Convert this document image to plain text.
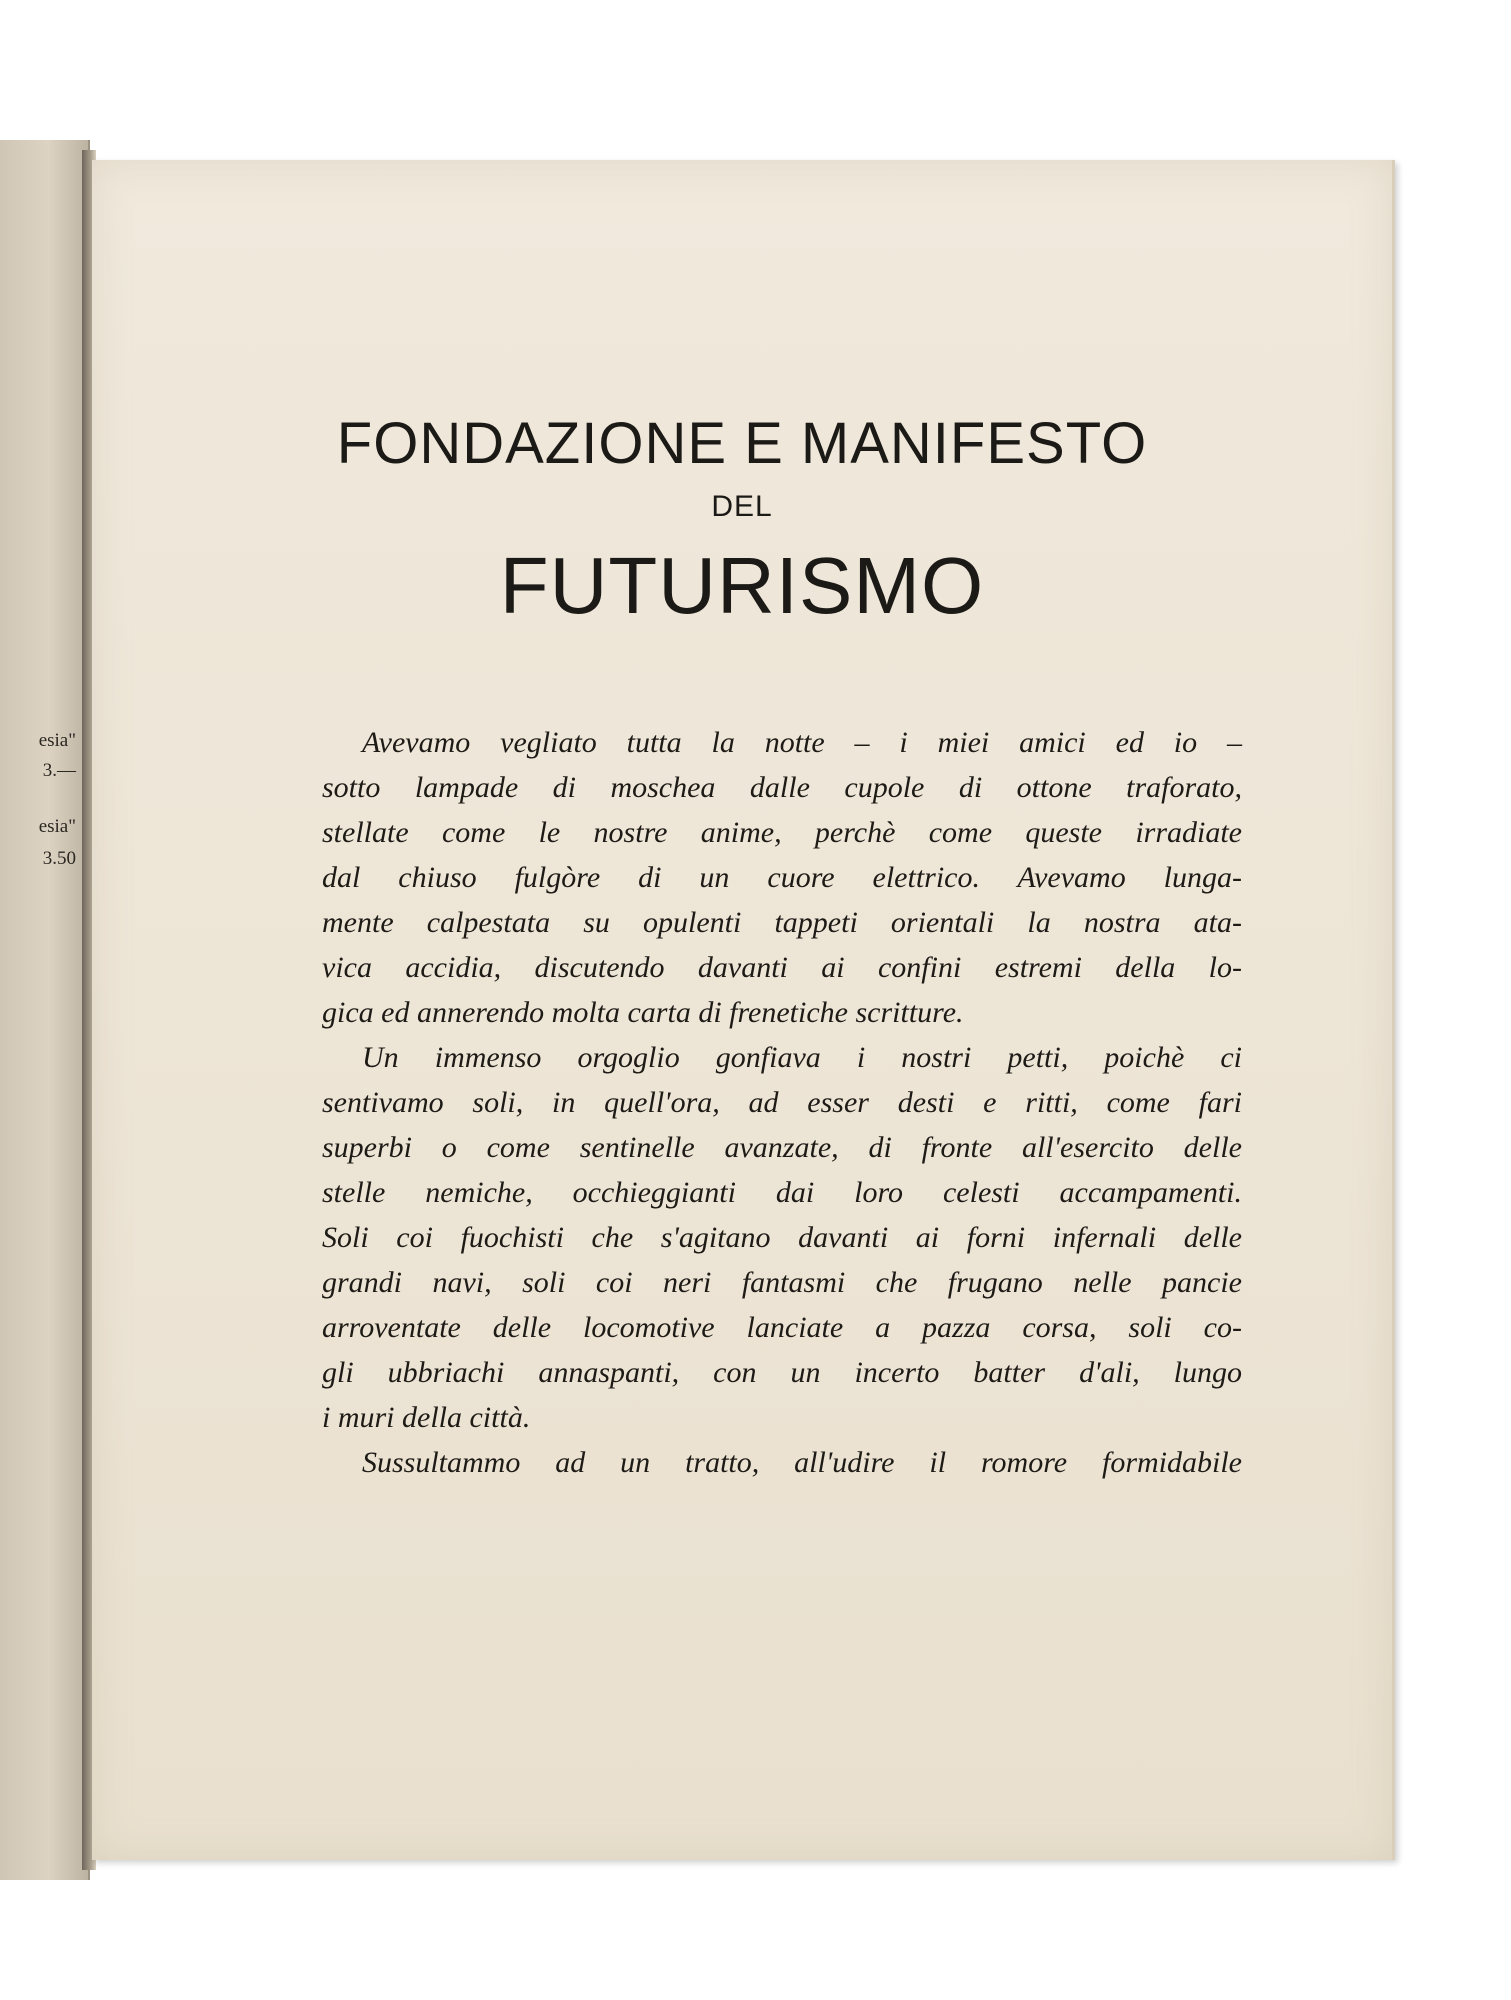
esia"
3.—
esia"
3.50
FONDAZIONE E MANIFESTO
DEL
FUTURISMO
Avevamo vegliato tutta la notte – i miei amici ed io –
sotto lampade di moschea dalle cupole di ottone traforato,
stellate come le nostre anime, perchè come queste irradiate
dal chiuso fulgòre di un cuore elettrico. Avevamo lunga-
mente calpestata su opulenti tappeti orientali la nostra ata-
vica accidia, discutendo davanti ai confini estremi della lo-
gica ed annerendo molta carta di frenetiche scritture.
Un immenso orgoglio gonfiava i nostri petti, poichè ci
sentivamo soli, in quell'ora, ad esser desti e ritti, come fari
superbi o come sentinelle avanzate, di fronte all'esercito delle
stelle nemiche, occhieggianti dai loro celesti accampamenti.
Soli coi fuochisti che s'agitano davanti ai forni infernali delle
grandi navi, soli coi neri fantasmi che frugano nelle pancie
arroventate delle locomotive lanciate a pazza corsa, soli co-
gli ubbriachi annaspanti, con un incerto batter d'ali, lungo
i muri della città.
Sussultammo ad un tratto, all'udire il romore formidabile
